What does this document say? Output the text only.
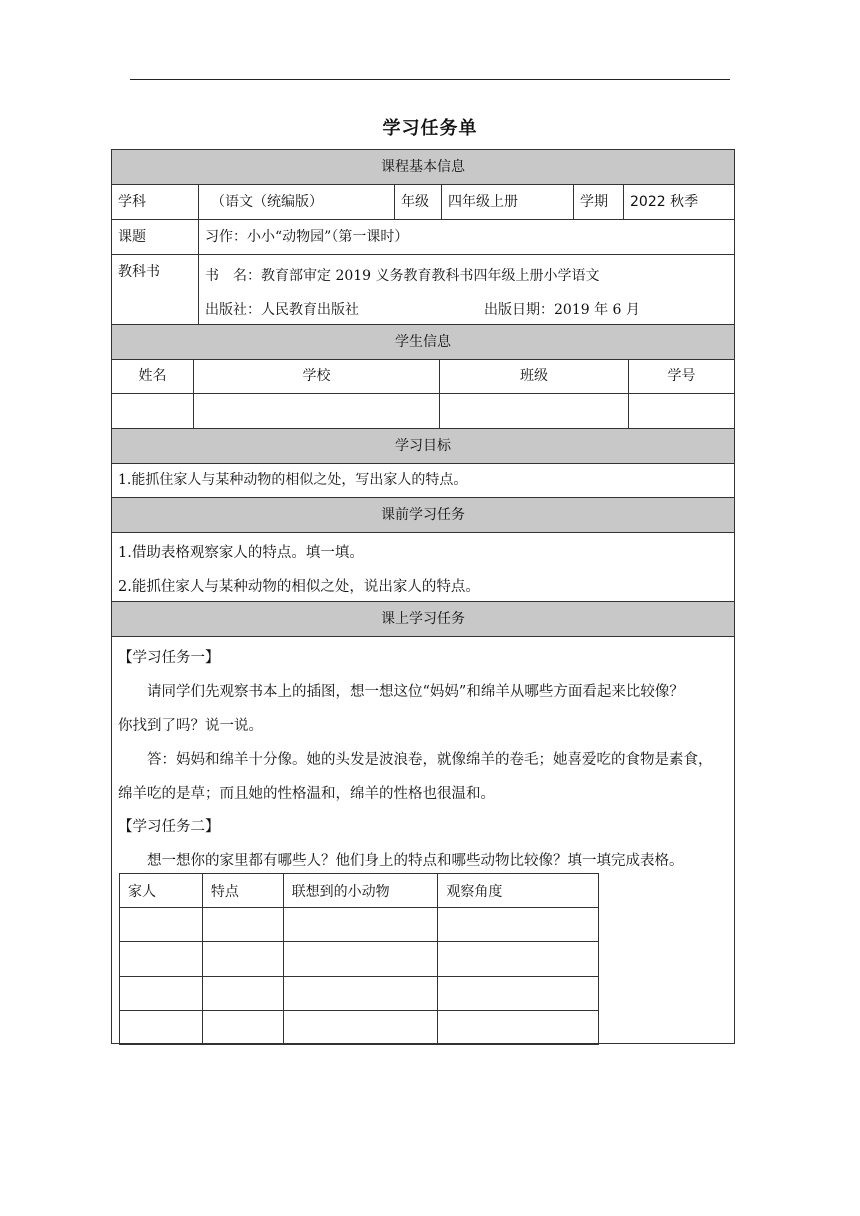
学习任务单
课程基本信息
学科	（语文（统编版）	年级	四年级上册	学期	2022 秋季
课题	习作：小小“动物园”（第一课时）
教科书	书　名：教育部审定 2019 义务教育教科书四年级上册小学语文
出版社：人民教育出版社	出版日期：2019 年 6 月
学生信息
姓名	学校	班级	学号
学习目标
1.能抓住家人与某种动物的相似之处，写出家人的特点。
课前学习任务
1.借助表格观察家人的特点。填一填。
2.能抓住家人与某种动物的相似之处，说出家人的特点。
课上学习任务
【学习任务一】
请同学们先观察书本上的插图，想一想这位“妈妈”和绵羊从哪些方面看起来比较像？
你找到了吗？说一说。
答：妈妈和绵羊十分像。她的头发是波浪卷，就像绵羊的卷毛；她喜爱吃的食物是素食，
绵羊吃的是草；而且她的性格温和，绵羊的性格也很温和。
【学习任务二】
想一想你的家里都有哪些人？他们身上的特点和哪些动物比较像？填一填完成表格。
家人	特点	联想到的小动物	观察角度
